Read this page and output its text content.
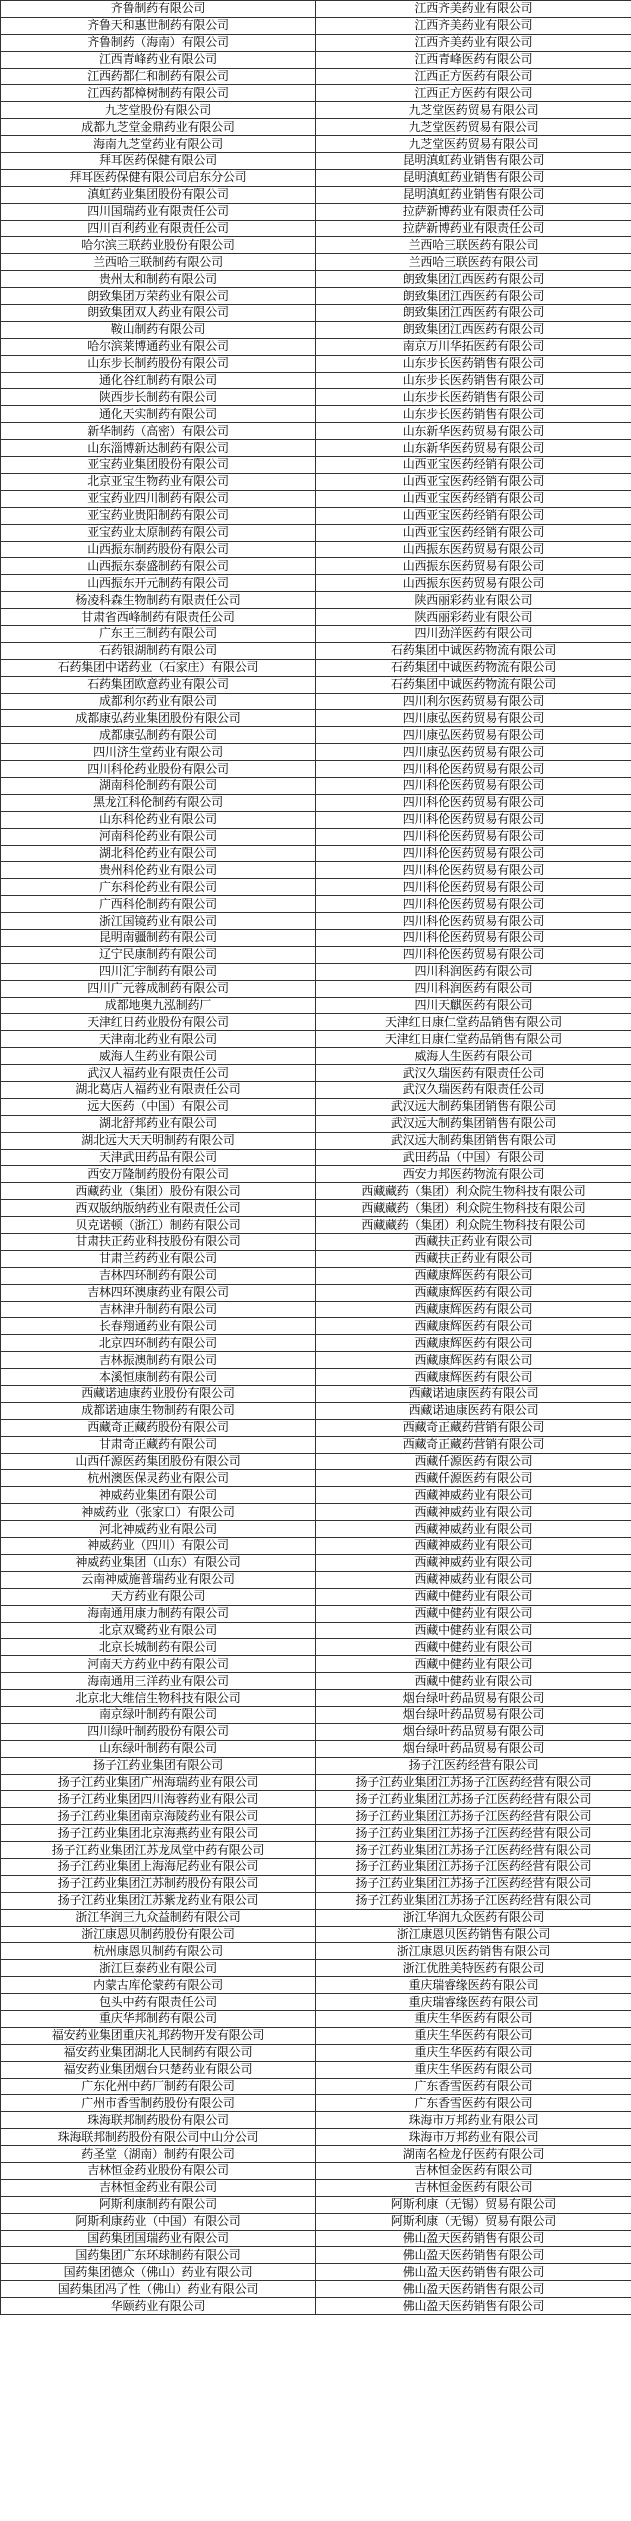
齐鲁制药有限公司	江西齐美药业有限公司
齐鲁天和惠世制药有限公司	江西齐美药业有限公司
齐鲁制药（海南）有限公司	江西齐美药业有限公司
江西青峰药业有限公司	江西青峰医药有限公司
江西药都仁和制药有限公司	江西正方医药有限公司
江西药都樟树制药有限公司	江西正方医药有限公司
九芝堂股份有限公司	九芝堂医药贸易有限公司
成都九芝堂金鼎药业有限公司	九芝堂医药贸易有限公司
海南九芝堂药业有限公司	九芝堂医药贸易有限公司
拜耳医药保健有限公司	昆明滇虹药业销售有限公司
拜耳医药保健有限公司启东分公司	昆明滇虹药业销售有限公司
滇虹药业集团股份有限公司	昆明滇虹药业销售有限公司
四川国瑞药业有限责任公司	拉萨新博药业有限责任公司
四川百利药业有限责任公司	拉萨新博药业有限责任公司
哈尔滨三联药业股份有限公司	兰西哈三联医药有限公司
兰西哈三联制药有限公司	兰西哈三联医药有限公司
贵州太和制药有限公司	朗致集团江西医药有限公司
朗致集团万荣药业有限公司	朗致集团江西医药有限公司
朗致集团双人药业有限公司	朗致集团江西医药有限公司
鞍山制药有限公司	朗致集团江西医药有限公司
哈尔滨莱博通药业有限公司	南京万川华拓医药有限公司
山东步长制药股份有限公司	山东步长医药销售有限公司
通化谷红制药有限公司	山东步长医药销售有限公司
陕西步长制药有限公司	山东步长医药销售有限公司
通化天实制药有限公司	山东步长医药销售有限公司
新华制药（高密）有限公司	山东新华医药贸易有限公司
山东淄博新达制药有限公司	山东新华医药贸易有限公司
亚宝药业集团股份有限公司	山西亚宝医药经销有限公司
北京亚宝生物药业有限公司	山西亚宝医药经销有限公司
亚宝药业四川制药有限公司	山西亚宝医药经销有限公司
亚宝药业贵阳制药有限公司	山西亚宝医药经销有限公司
亚宝药业太原制药有限公司	山西亚宝医药经销有限公司
山西振东制药股份有限公司	山西振东医药贸易有限公司
山西振东泰盛制药有限公司	山西振东医药贸易有限公司
山西振东开元制药有限公司	山西振东医药贸易有限公司
杨凌科森生物制药有限责任公司	陕西丽彩药业有限公司
甘肃省西峰制药有限责任公司	陕西丽彩药业有限公司
广东王三制药有限公司	四川劲洋医药有限公司
石药银湖制药有限公司	石药集团中诚医药物流有限公司
石药集团中诺药业（石家庄）有限公司	石药集团中诚医药物流有限公司
石药集团欧意药业有限公司	石药集团中诚医药物流有限公司
成都利尔药业有限公司	四川利尔医药贸易有限公司
成都康弘药业集团股份有限公司	四川康弘医药贸易有限公司
成都康弘制药有限公司	四川康弘医药贸易有限公司
四川济生堂药业有限公司	四川康弘医药贸易有限公司
四川科伦药业股份有限公司	四川科伦医药贸易有限公司
湖南科伦制药有限公司	四川科伦医药贸易有限公司
黑龙江科伦制药有限公司	四川科伦医药贸易有限公司
山东科伦药业有限公司	四川科伦医药贸易有限公司
河南科伦药业有限公司	四川科伦医药贸易有限公司
湖北科伦药业有限公司	四川科伦医药贸易有限公司
贵州科伦药业有限公司	四川科伦医药贸易有限公司
广东科伦药业有限公司	四川科伦医药贸易有限公司
广西科伦制药有限公司	四川科伦医药贸易有限公司
浙江国镜药业有限公司	四川科伦医药贸易有限公司
昆明南疆制药有限公司	四川科伦医药贸易有限公司
辽宁民康制药有限公司	四川科伦医药贸易有限公司
四川汇宇制药有限公司	四川科润医药有限公司
四川广元蓉成制药有限公司	四川科润医药有限公司
成都地奥九泓制药厂	四川天麒医药有限公司
天津红日药业股份有限公司	天津红日康仁堂药品销售有限公司
天津南北药业有限公司	天津红日康仁堂药品销售有限公司
威海人生药业有限公司	威海人生医药有限公司
武汉人福药业有限责任公司	武汉久瑞医药有限责任公司
湖北葛店人福药业有限责任公司	武汉久瑞医药有限责任公司
远大医药（中国）有限公司	武汉远大制药集团销售有限公司
湖北舒邦药业有限公司	武汉远大制药集团销售有限公司
湖北远大天天明制药有限公司	武汉远大制药集团销售有限公司
天津武田药品有限公司	武田药品（中国）有限公司
西安万隆制药股份有限公司	西安力邦医药物流有限公司
西藏药业（集团）股份有限公司	西藏藏药（集团）利众院生物科技有限公司
西双版纳版纳药业有限责任公司	西藏藏药（集团）利众院生物科技有限公司
贝克诺顿（浙江）制药有限公司	西藏藏药（集团）利众院生物科技有限公司
甘肃扶正药业科技股份有限公司	西藏扶正药业有限公司
甘肃兰药药业有限公司	西藏扶正药业有限公司
吉林四环制药有限公司	西藏康辉医药有限公司
吉林四环澳康药业有限公司	西藏康辉医药有限公司
吉林津升制药有限公司	西藏康辉医药有限公司
长春翔通药业有限公司	西藏康辉医药有限公司
北京四环制药有限公司	西藏康辉医药有限公司
吉林振澳制药有限公司	西藏康辉医药有限公司
本溪恒康制药有限公司	西藏康辉医药有限公司
西藏诺迪康药业股份有限公司	西藏诺迪康医药有限公司
成都诺迪康生物制药有限公司	西藏诺迪康医药有限公司
西藏奇正藏药股份有限公司	西藏奇正藏药营销有限公司
甘肃奇正藏药有限公司	西藏奇正藏药营销有限公司
山西仟源医药集团股份有限公司	西藏仟源医药有限公司
杭州澳医保灵药业有限公司	西藏仟源医药有限公司
神威药业集团有限公司	西藏神威药业有限公司
神威药业（张家口）有限公司	西藏神威药业有限公司
河北神威药业有限公司	西藏神威药业有限公司
神威药业（四川）有限公司	西藏神威药业有限公司
神威药业集团（山东）有限公司	西藏神威药业有限公司
云南神威施普瑞药业有限公司	西藏神威药业有限公司
天方药业有限公司	西藏中健药业有限公司
海南通用康力制药有限公司	西藏中健药业有限公司
北京双鹭药业有限公司	西藏中健药业有限公司
北京长城制药有限公司	西藏中健药业有限公司
河南天方药业中药有限公司	西藏中健药业有限公司
海南通用三洋药业有限公司	西藏中健药业有限公司
北京北大维信生物科技有限公司	烟台绿叶药品贸易有限公司
南京绿叶制药有限公司	烟台绿叶药品贸易有限公司
四川绿叶制药股份有限公司	烟台绿叶药品贸易有限公司
山东绿叶制药有限公司	烟台绿叶药品贸易有限公司
扬子江药业集团有限公司	扬子江医药经营有限公司
扬子江药业集团广州海瑞药业有限公司	扬子江药业集团江苏扬子江医药经营有限公司
扬子江药业集团四川海蓉药业有限公司	扬子江药业集团江苏扬子江医药经营有限公司
扬子江药业集团南京海陵药业有限公司	扬子江药业集团江苏扬子江医药经营有限公司
扬子江药业集团北京海燕药业有限公司	扬子江药业集团江苏扬子江医药经营有限公司
扬子江药业集团江苏龙凤堂中药有限公司	扬子江药业集团江苏扬子江医药经营有限公司
扬子江药业集团上海海尼药业有限公司	扬子江药业集团江苏扬子江医药经营有限公司
扬子江药业集团江苏制药股份有限公司	扬子江药业集团江苏扬子江医药经营有限公司
扬子江药业集团江苏紫龙药业有限公司	扬子江药业集团江苏扬子江医药经营有限公司
浙江华润三九众益制药有限公司	浙江华润九众医药有限公司
浙江康恩贝制药股份有限公司	浙江康恩贝医药销售有限公司
杭州康恩贝制药有限公司	浙江康恩贝医药销售有限公司
浙江巨泰药业有限公司	浙江优胜美特医药有限公司
内蒙古库伦蒙药有限公司	重庆瑞睿缘医药有限公司
包头中药有限责任公司	重庆瑞睿缘医药有限公司
重庆华邦制药有限公司	重庆生华医药有限公司
福安药业集团重庆礼邦药物开发有限公司	重庆生华医药有限公司
福安药业集团湖北人民制药有限公司	重庆生华医药有限公司
福安药业集团烟台只楚药业有限公司	重庆生华医药有限公司
广东化州中药厂制药有限公司	广东香雪医药有限公司
广州市香雪制药股份有限公司	广东香雪医药有限公司
珠海联邦制药股份有限公司	珠海市万邦药业有限公司
珠海联邦制药股份有限公司中山分公司	珠海市万邦药业有限公司
药圣堂（湖南）制药有限公司	湖南名检龙仔医药有限公司
吉林恒金药业股份有限公司	吉林恒金医药有限公司
吉林恒金药业有限公司	吉林恒金医药有限公司
阿斯利康制药有限公司	阿斯利康（无锡）贸易有限公司
阿斯利康药业（中国）有限公司	阿斯利康（无锡）贸易有限公司
国药集团国瑞药业有限公司	佛山盈天医药销售有限公司
国药集团广东环球制药有限公司	佛山盈天医药销售有限公司
国药集团德众（佛山）药业有限公司	佛山盈天医药销售有限公司
国药集团冯了性（佛山）药业有限公司	佛山盈天医药销售有限公司
华颐药业有限公司	佛山盈天医药销售有限公司
